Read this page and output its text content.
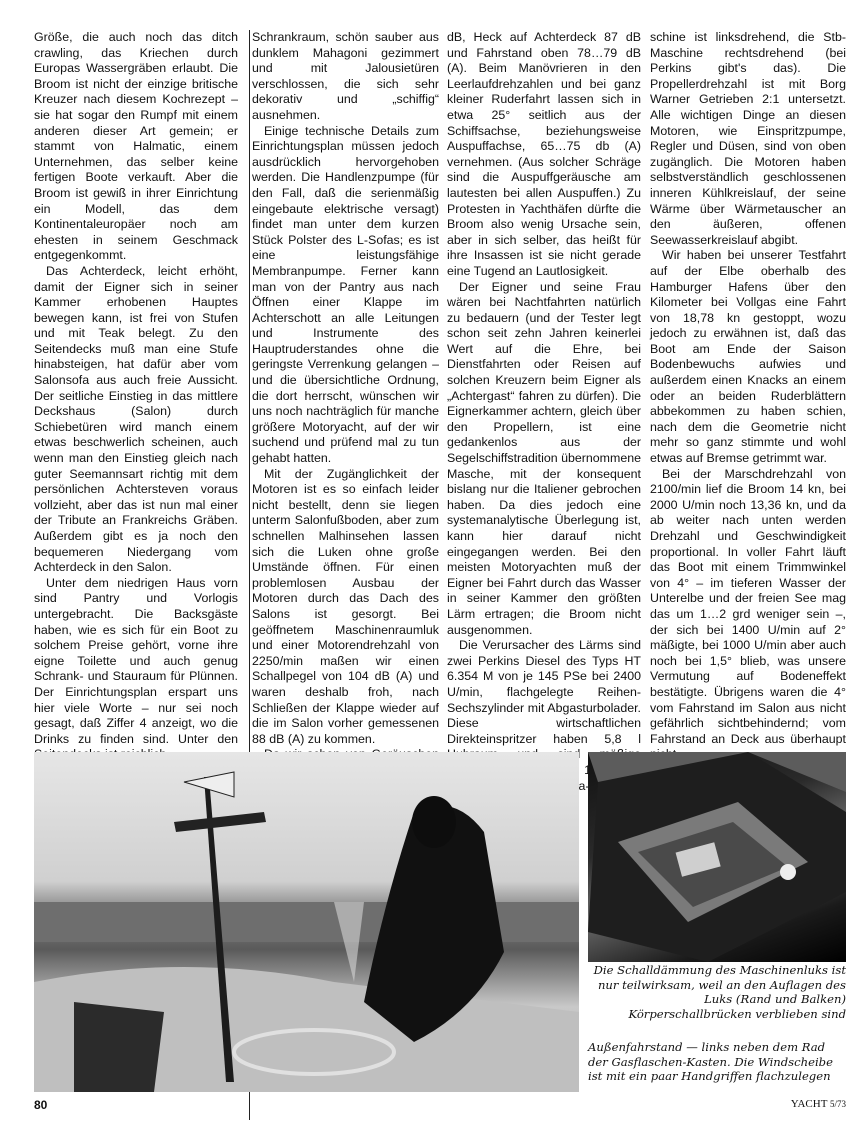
Größe, die auch noch das ditch crawling, das Kriechen durch Europas Wassergräben erlaubt. Die Broom ist nicht der einzige britische Kreuzer nach diesem Kochrezept – sie hat sogar den Rumpf mit einem anderen dieser Art gemein; er stammt von Halmatic, einem Unternehmen, das selber keine fertigen Boote verkauft. Aber die Broom ist gewiß in ihrer Einrichtung ein Modell, das dem Kontinentaleuropäer noch am ehesten in seinem Geschmack entgegenkommt.

Das Achterdeck, leicht erhöht, damit der Eigner sich in seiner Kammer erhobenen Hauptes bewegen kann, ist frei von Stufen und mit Teak belegt. Zu den Seitendecks muß man eine Stufe hinabsteigen, hat dafür aber vom Salonsofa aus auch freie Aussicht. Der seitliche Einstieg in das mittlere Deckshaus (Salon) durch Schiebetüren wird manch einem etwas beschwerlich scheinen, auch wenn man den Einstieg gleich nach guter Seemannsart richtig mit dem persönlichen Achtersteven voraus vollzieht, aber das ist nun mal einer der Tribute an Frankreichs Gräben. Außerdem gibt es ja noch den bequemeren Niedergang vom Achterdeck in den Salon.

Unter dem niedrigen Haus vorn sind Pantry und Vorlogis untergebracht. Die Backsgäste haben, wie es sich für ein Boot zu solchem Preise gehört, vorne ihre eigne Toilette und auch genug Schrank- und Stauraum für Plünnen. Der Einrichtungsplan erspart uns hier viele Worte – nur sei noch gesagt, daß Ziffer 4 anzeigt, wo die Drinks zu finden sind. Unter den

Schrankraum, schön sauber aus dunklem Mahagoni gezimmert und mit Jalousietüren verschlossen, die sich sehr dekorativ und „schiffig“ ausnehmen.

Einige technische Details zum Einrichtungsplan müssen jedoch ausdrücklich hervorgehoben werden. Die Handlenzpumpe (für den Fall, daß die serienmäßig eingebaute elektrische versagt) findet man unter dem kurzen Stück Polster des L-Sofas; es ist eine leistungsfähige Membranpumpe. Ferner kann man von der Pantry aus nach Öffnen einer Klappe im Achterschott an alle Leitungen und Instrumente des Hauptruderstandes ohne die geringste Verrenkung gelangen – und die übersichtliche Ordnung, die dort herrscht, wünschen wir uns noch nachträglich für manche größere Motoryacht, auf der wir suchend und prüfend mal zu tun gehabt hatten.

Mit der Zugänglichkeit der Motoren ist es so einfach leider nicht bestellt, denn sie liegen unterm Salonfußboden, aber zum schnellen Malhinsehen lassen sich die Luken ohne große Umstände öffnen. Für einen problemlosen Ausbau der Motoren durch das Dach des Salons ist gesorgt. Bei geöffnetem Maschinenraumluk und einer Motorendrehzahl von 2250/min maßen wir einen Schallpegel von 104 dB (A) und waren deshalb froh, nach Schließen der Klappe wieder auf die im Salon vorher gemessenen 88 dB (A) zu kommen.

dB, Heck auf Achterdeck 87 dB und Fahrstand oben 78…79 dB (A). Beim Manövrieren in den Leerlaufdrehzahlen und bei ganz kleiner Ruderfahrt lassen sich in etwa 25° seitlich aus der Schiffsachse, beziehungsweise Auspuffachse, 65…75 db (A) vernehmen. (Aus solcher Schräge sind die Auspuffgeräusche am lautesten bei allen Auspuffen.) Zu Protesten in Yachthäfen dürfte die Broom also wenig Ursache sein, aber in sich selber, das heißt für ihre Insassen ist sie nicht gerade eine Tugend an Lautlosigkeit.

Der Eigner und seine Frau wären bei Nachtfahrten natürlich zu bedauern (und der Tester legt schon seit zehn Jahren keinerlei Wert auf die Ehre, bei Dienstfahrten oder Reisen auf solchen Kreuzern beim Eigner als „Achtergast“ fahren zu dürfen). Die Eignerkammer achtern, gleich über den Propellern, ist eine gedankenlos aus der Segelschiffstradition übernommene Masche, mit der konsequent bislang nur die Italiener gebrochen haben. Da dies jedoch eine systemanalytische Überlegung ist, kann hier darauf nicht eingegangen werden. Bei den meisten Motoryachten muß der Eigner bei Fahrt durch das Wasser in seiner Kammer den größten Lärm ertragen; die Broom nicht ausgenommen.

Die Verursacher des Lärms sind zwei Perkins Diesel des Typs HT 6.354 M von je 145 PSe bei 2400 U/min, flachgelegte Reihen-Sechszylinder mit Abgasturbolader. Diese wirtschaftlichen Direkteinspritzer haben 5,8 l

schine ist linksdrehend, die Stb-Maschine rechtsdrehend (bei Perkins gibt's das). Die Propellerdrehzahl ist mit Borg Warner Getrieben 2:1 untersetzt. Alle wichtigen Dinge an diesen Motoren, wie Einspritzpumpe, Regler und Düsen, sind von oben zugänglich. Die Motoren haben selbstverständlich geschlossenen inneren Kühlkreislauf, der seine Wärme über Wärmetauscher an den äußeren, offenen Seewasserkreislauf abgibt.

Wir haben bei unserer Testfahrt auf der Elbe oberhalb des Hamburger Hafens über den Kilometer bei Vollgas eine Fahrt von 18,78 kn gestoppt, wozu jedoch zu erwähnen ist, daß das Boot am Ende der Saison Bodenbewuchs aufwies und außerdem einen Knacks an einem oder an beiden Ruderblättern abbekommen zu haben schien, nach dem die Geometrie nicht mehr so ganz stimmte und wohl etwas auf Bremse getrimmt war.

Bei der Marschdrehzahl von 2100/min lief die Broom 14 kn, bei 2000 U/min noch 13,36 kn, und da ab weiter nach unten werden Drehzahl und Geschwindigkeit proportional. In voller Fahrt läuft das Boot mit einem Trimmwinkel von 4° – im tieferen Wasser der Unterelbe und der freien See mag das um 1…2 grd weniger sein –, der sich bei 1400 U/min auf 2° mäßigte, bei 1000 U/min aber auch noch bei 1,5° blieb, was unsere Vermutung auf Bodeneffekt bestätigte. Übrigens waren die 4° vom Fahrstand im Salon aus nicht gefährlich sichtbehindernd; vom Fahrstand an Deck aus überhaupt

Die Schalldämmung des Maschinenluks ist nur teilwirksam, weil an den Auflagen des Luks (Rand und Balken) Körperschallbrücken verblieben sind
Außenfahrstand — links neben dem Rad der Gasflaschen-Kasten. Die Windscheibe ist mit ein paar Handgriffen flachzulegen
80	YACHT 5/73
